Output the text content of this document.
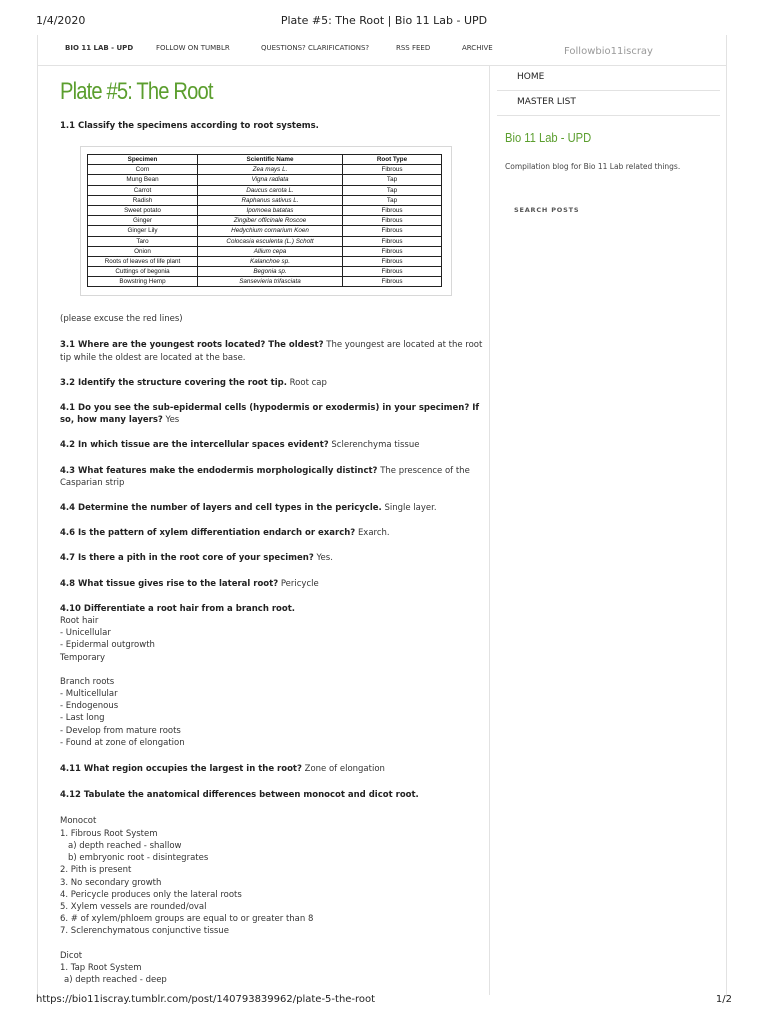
1/4/2020	Plate #5: The Root | Bio 11 Lab - UPD
BIO 11 LAB - UPD	FOLLOW ON TUMBLR	QUESTIONS? CLARIFICATIONS?	RSS FEED	ARCHIVE	Followbio11iscray
Plate #5: The Root
Specimen	Scientific Name	Root Type
Corn	Zea mays L.	Fibrous
Mung Bean	Vigna radiata	Tap
Carrot	Daucus carota L.	Tap
Radish	Raphanus sativus L.	Tap
Sweet potato	Ipomoea batatas	Fibrous
Ginger	Zingiber officinale Roscoe	Fibrous
Ginger Lily	Hedychium cornarium Koen	Fibrous
Taro	Colocasia esculenta (L.) Schott	Fibrous
Onion	Allium cepa	Fibrous
Roots of leaves of life plant	Kalanchoe sp.	Fibrous
Cuttings of begonia	Begonia sp.	Fibrous
Bowstring Hemp	Sansevieria trifasciata	Fibrous

1.1 Classify the specimens according to root systems.

(please excuse the red lines)

3.1 Where are the youngest roots located? The oldest? The youngest are located at the root tip while the oldest are located at the base.

3.2 Identify the structure covering the root tip. Root cap

4.1 Do you see the sub-epidermal cells (hypodermis or exodermis) in your specimen? If so, how many layers? Yes

4.2 In which tissue are the intercellular spaces evident? Sclerenchyma tissue

4.3 What features make the endodermis morphologically distinct? The prescence of the Casparian strip

4.4 Determine the number of layers and cell types in the pericycle. Single layer.

4.6 Is the pattern of xylem differentiation endarch or exarch? Exarch.

4.7 Is there a pith in the root core of your specimen? Yes.

4.8 What tissue gives rise to the lateral root? Pericycle

4.10 Differentiate a root hair from a branch root.

Root hair
- Unicellular
- Epidermal outgrowth
Temporary
Branch roots
- Multicellular
- Endogenous
- Last long
- Develop from mature roots
- Found at zone of elongation

4.11 What region occupies the largest in the root? Zone of elongation

4.12 Tabulate the anatomical differences between monocot and dicot root.

Monocot
1. Fibrous Root System
a) depth reached - shallow
b) embryonic root - disintegrates
2. Pith is present
3. No secondary growth
4. Pericycle produces only the lateral roots
5. Xylem vessels are rounded/oval
6. # of xylem/phloem groups are equal to or greater than 8
7. Sclerenchymatous conjunctive tissue
Dicot
1. Tap Root System
a) depth reached - deep
HOME
MASTER LIST
Bio 11 Lab - UPD
Compilation blog for Bio 11 Lab related things.
SEARCH POSTS
https://bio11iscray.tumblr.com/post/140793839962/plate-5-the-root	1/2
